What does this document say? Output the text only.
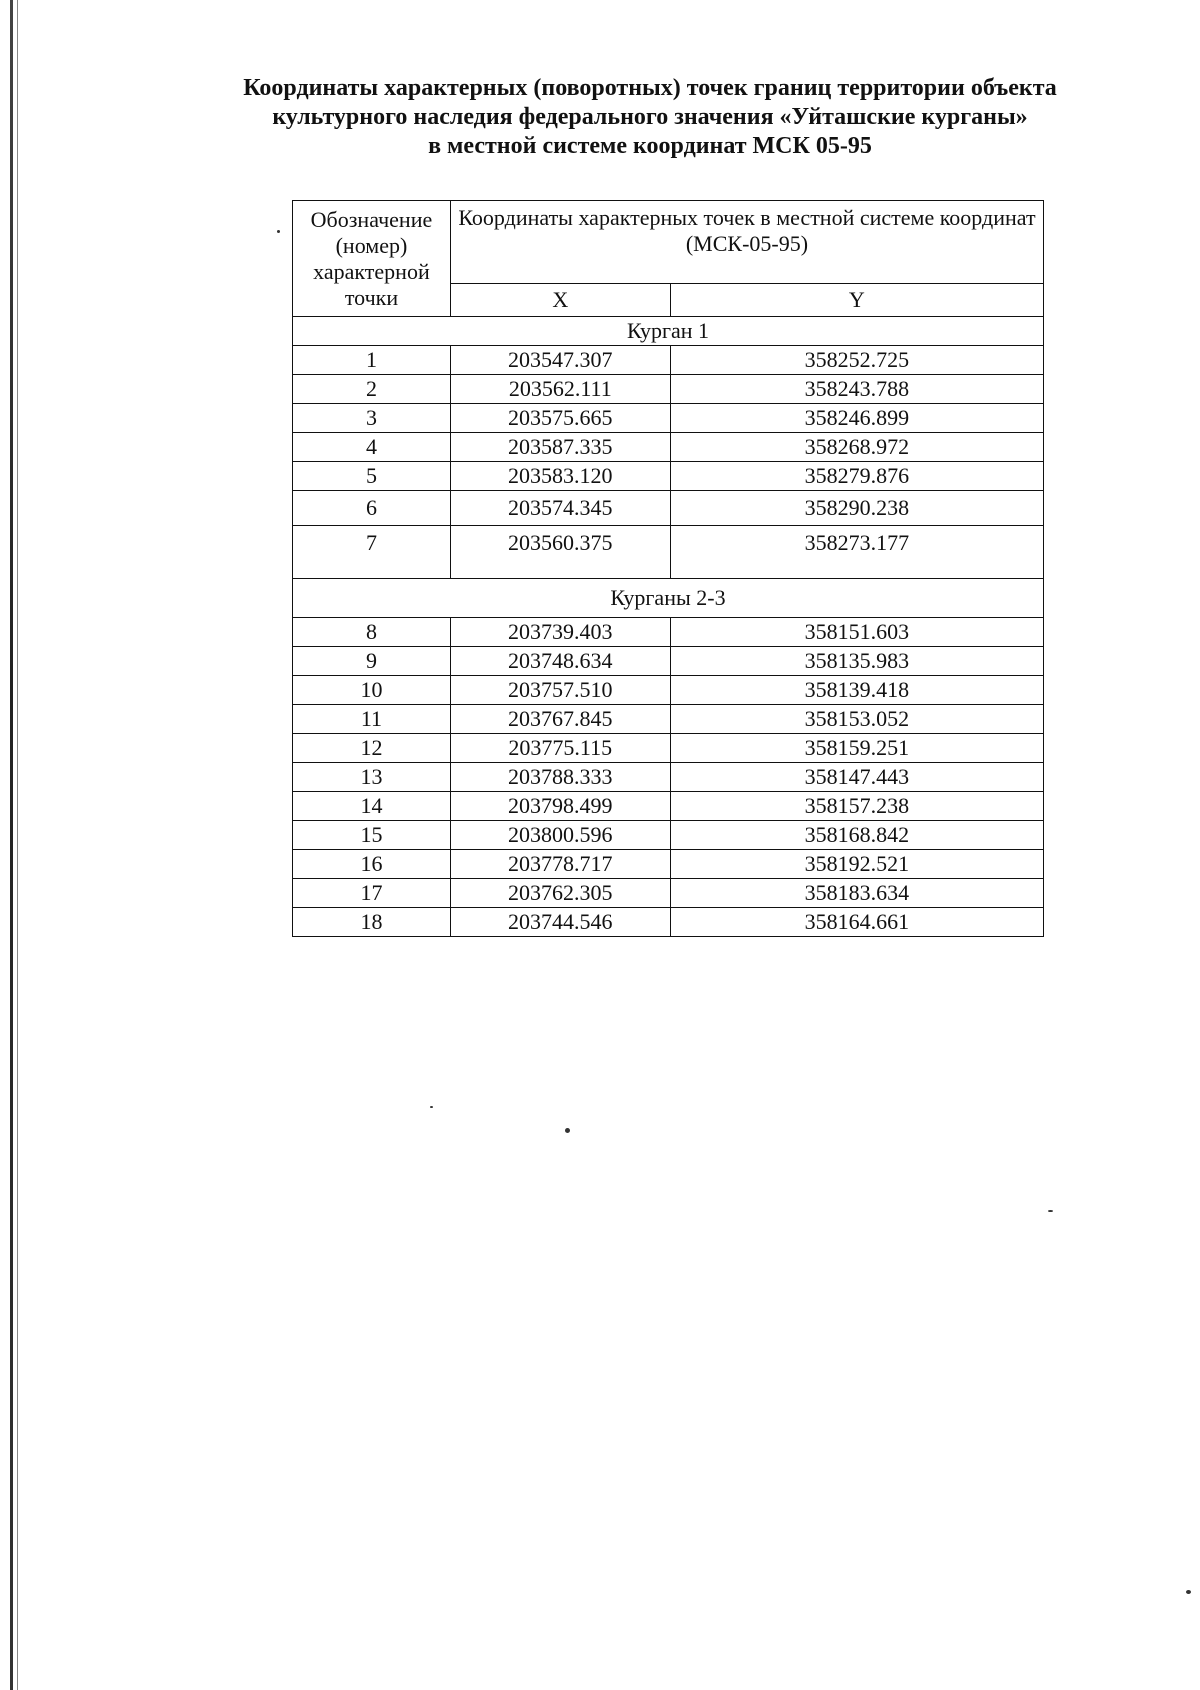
Координаты характерных (поворотных) точек границ территории объекта
культурного наследия федерального значения «Уйташские курганы»
в местной системе координат МСК 05-95
Обозначение (номер) характерной точки	Координаты характерных точек в местной системе координат (МСК-05-95)	
	X	Y
Курган 1		
1	203547.307	358252.725
2	203562.111	358243.788
3	203575.665	358246.899
4	203587.335	358268.972
5	203583.120	358279.876
6	203574.345	358290.238
7	203560.375	358273.177
Курганы 2-3		
8	203739.403	358151.603
9	203748.634	358135.983
10	203757.510	358139.418
11	203767.845	358153.052
12	203775.115	358159.251
13	203788.333	358147.443
14	203798.499	358157.238
15	203800.596	358168.842
16	203778.717	358192.521
17	203762.305	358183.634
18	203744.546	358164.661
